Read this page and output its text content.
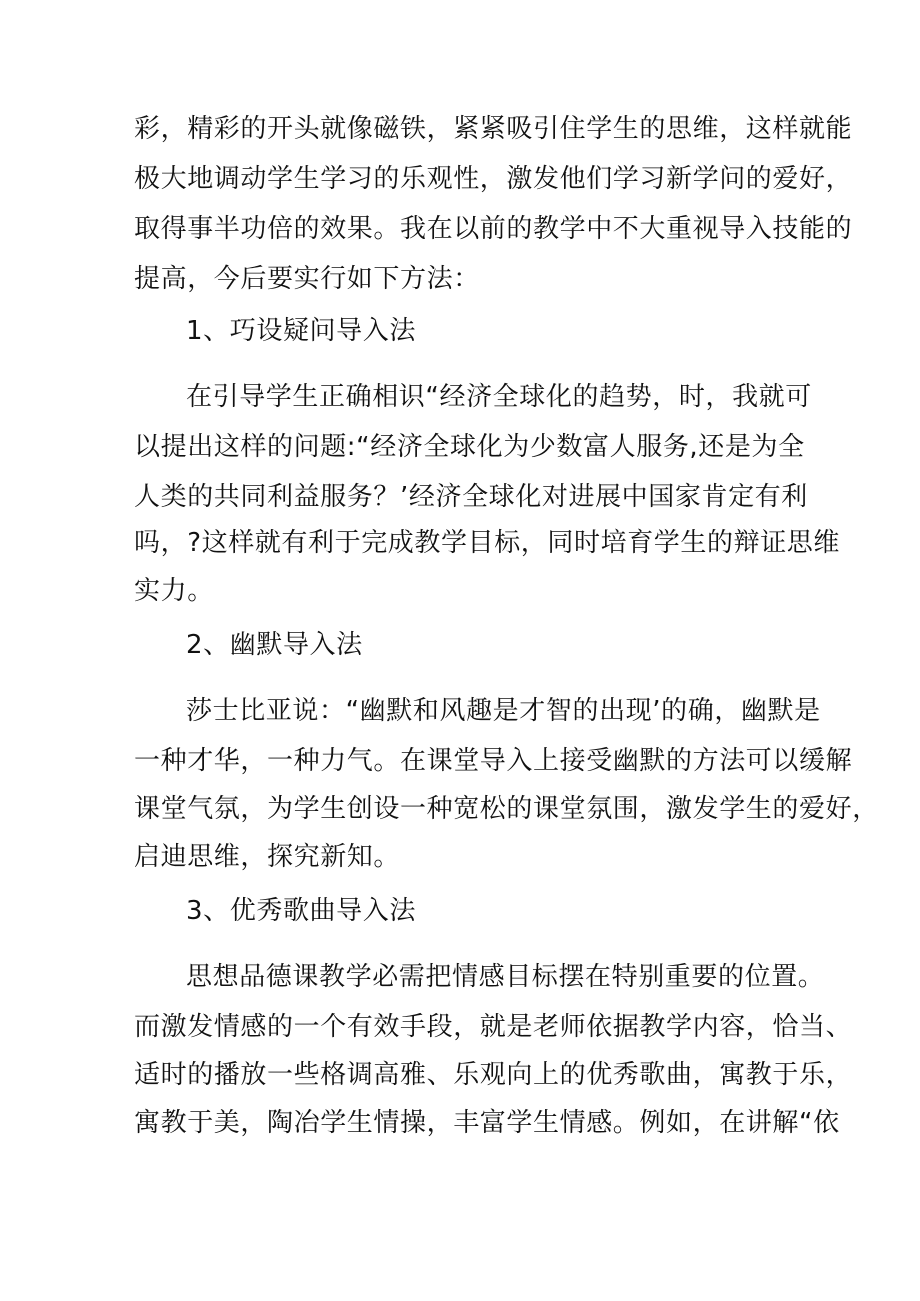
彩，精彩的开头就像磁铁，紧紧吸引住学生的思维，这样就能
极大地调动学生学习的乐观性，激发他们学习新学问的爱好，
取得事半功倍的效果。我在以前的教学中不大重视导入技能的
提高，今后要实行如下方法：
1、巧设疑问导入法
在引导学生正确相识“经济全球化的趋势，时，我就可
以提出这样的问题:“经济全球化为少数富人服务,还是为全
人类的共同利益服务？’经济全球化对进展中国家肯定有利
吗，?这样就有利于完成教学目标，同时培育学生的辩证思维
实力。
2、幽默导入法
莎士比亚说：“幽默和风趣是才智的出现’的确，幽默是
一种才华，一种力气。在课堂导入上接受幽默的方法可以缓解
课堂气氛，为学生创设一种宽松的课堂氛围，激发学生的爱好，
启迪思维，探究新知。
3、优秀歌曲导入法
思想品德课教学必需把情感目标摆在特别重要的位置。
而激发情感的一个有效手段，就是老师依据教学内容，恰当、
适时的播放一些格调高雅、乐观向上的优秀歌曲，寓教于乐，
寓教于美，陶冶学生情操，丰富学生情感。例如，在讲解“依
